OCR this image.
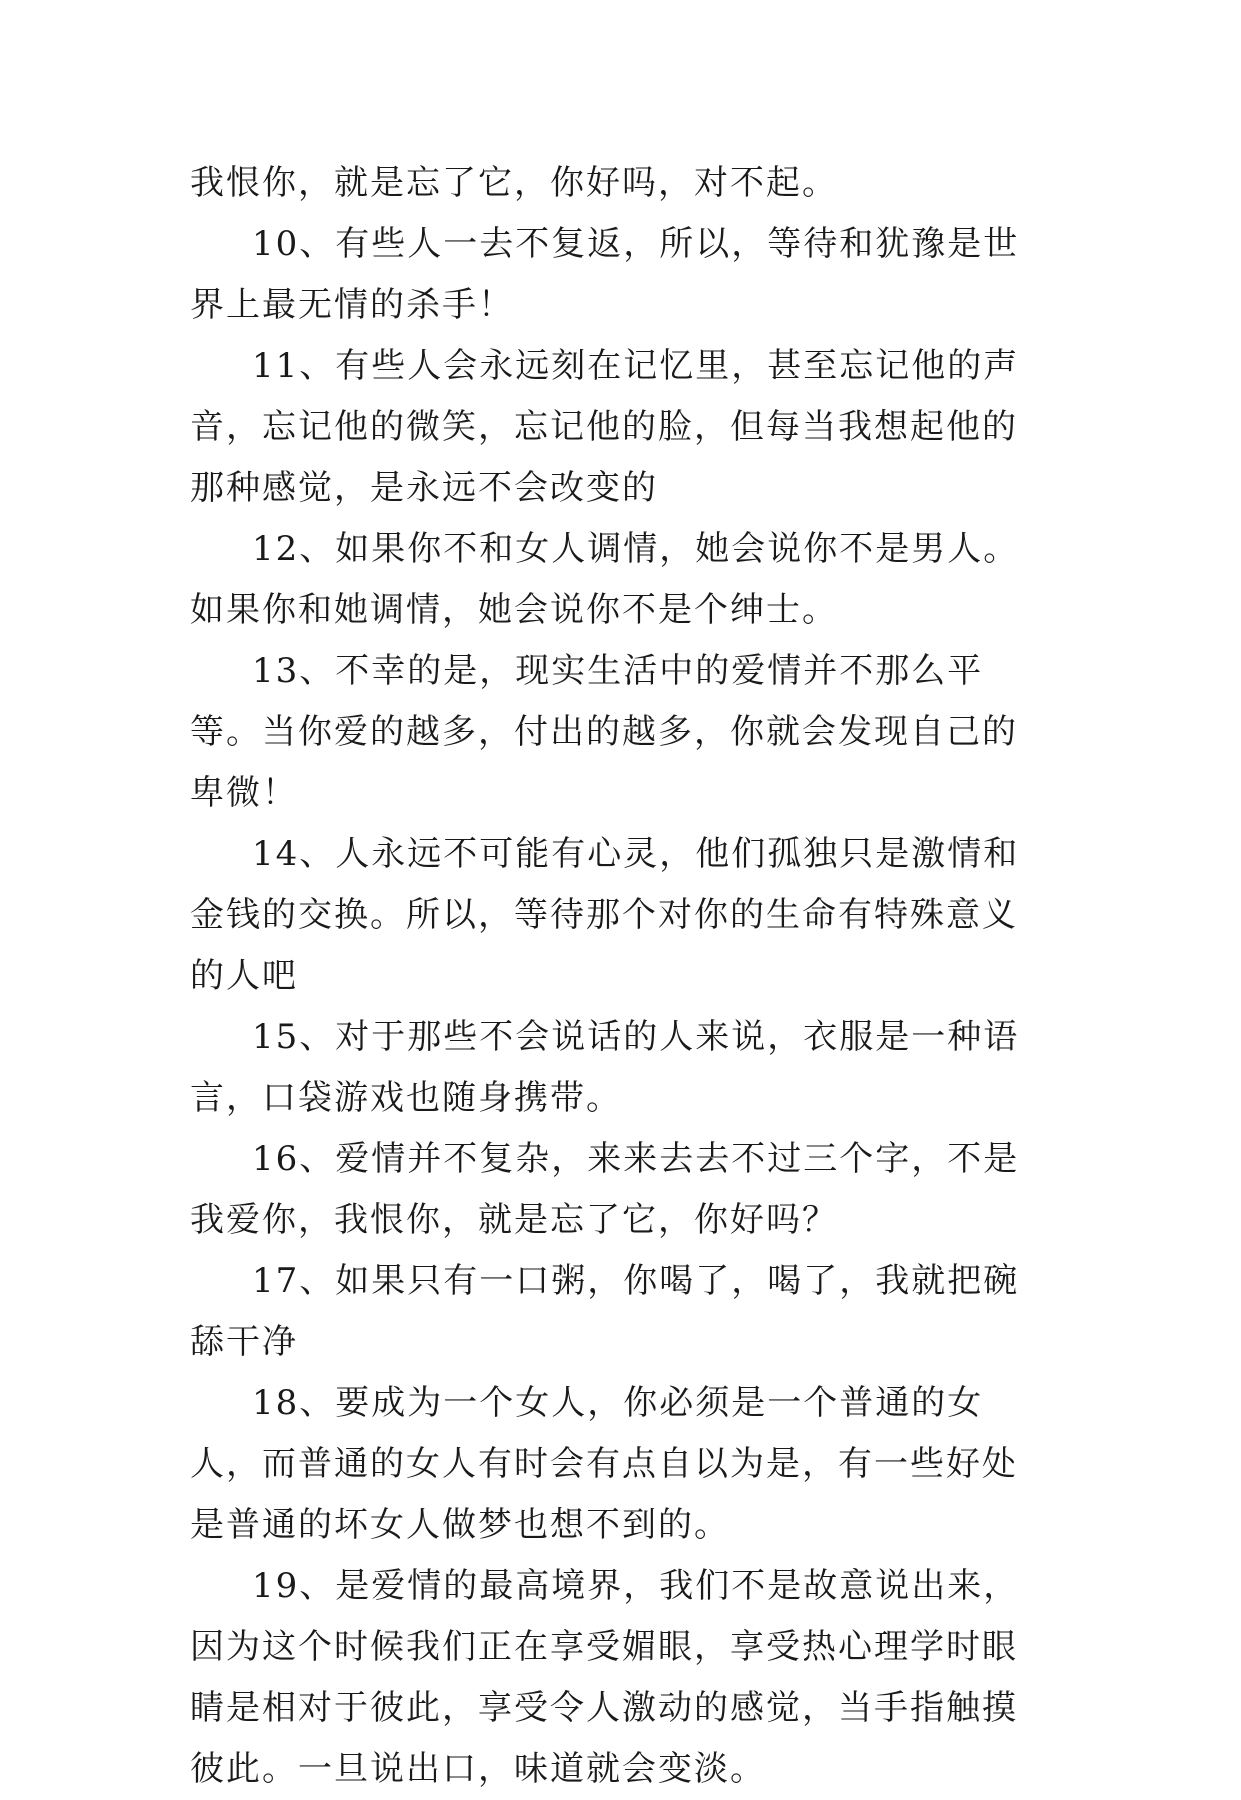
我恨你，就是忘了它，你好吗，对不起。

10、有些人一去不复返，所以，等待和犹豫是世界上最无情的杀手！

11、有些人会永远刻在记忆里，甚至忘记他的声音，忘记他的微笑，忘记他的脸，但每当我想起他的那种感觉，是永远不会改变的

12、如果你不和女人调情，她会说你不是男人。如果你和她调情，她会说你不是个绅士。

13、不幸的是，现实生活中的爱情并不那么平等。当你爱的越多，付出的越多，你就会发现自己的卑微！

14、人永远不可能有心灵，他们孤独只是激情和金钱的交换。所以，等待那个对你的生命有特殊意义的人吧

15、对于那些不会说话的人来说，衣服是一种语言，口袋游戏也随身携带。

16、爱情并不复杂，来来去去不过三个字，不是我爱你，我恨你，就是忘了它，你好吗？

17、如果只有一口粥，你喝了，喝了，我就把碗舔干净

18、要成为一个女人，你必须是一个普通的女人，而普通的女人有时会有点自以为是，有一些好处是普通的坏女人做梦也想不到的。

19、是爱情的最高境界，我们不是故意说出来，因为这个时候我们正在享受媚眼，享受热心理学时眼睛是相对于彼此，享受令人激动的感觉，当手指触摸彼此。一旦说出口，味道就会变淡。
